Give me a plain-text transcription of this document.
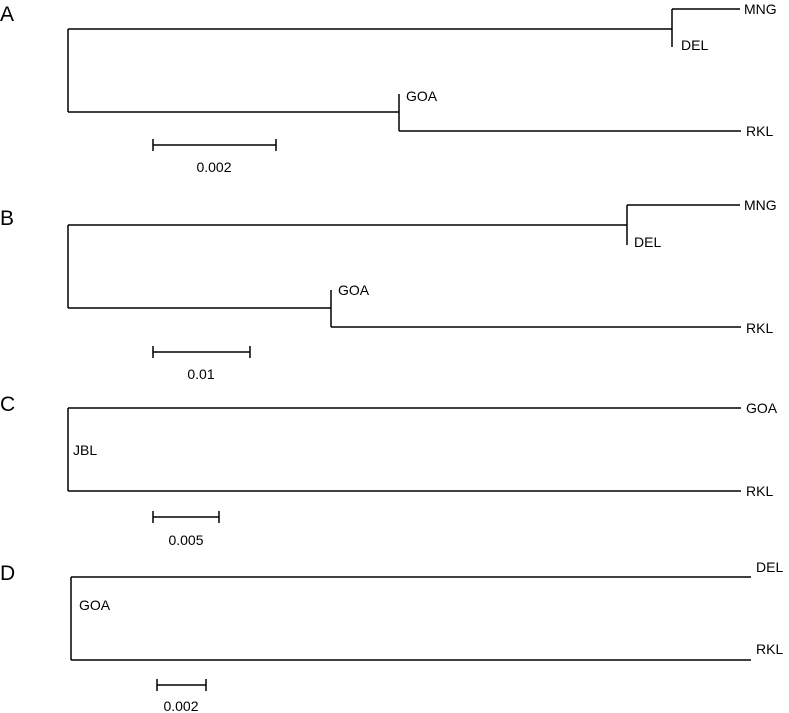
A	MNG
DEL
GOA
RKL
0.002
B
MNG
DEL
GOA
RKL
0.01
C
JBL
GOA
RKL
0.005
D
GOA
DEL
RKL
0.002
